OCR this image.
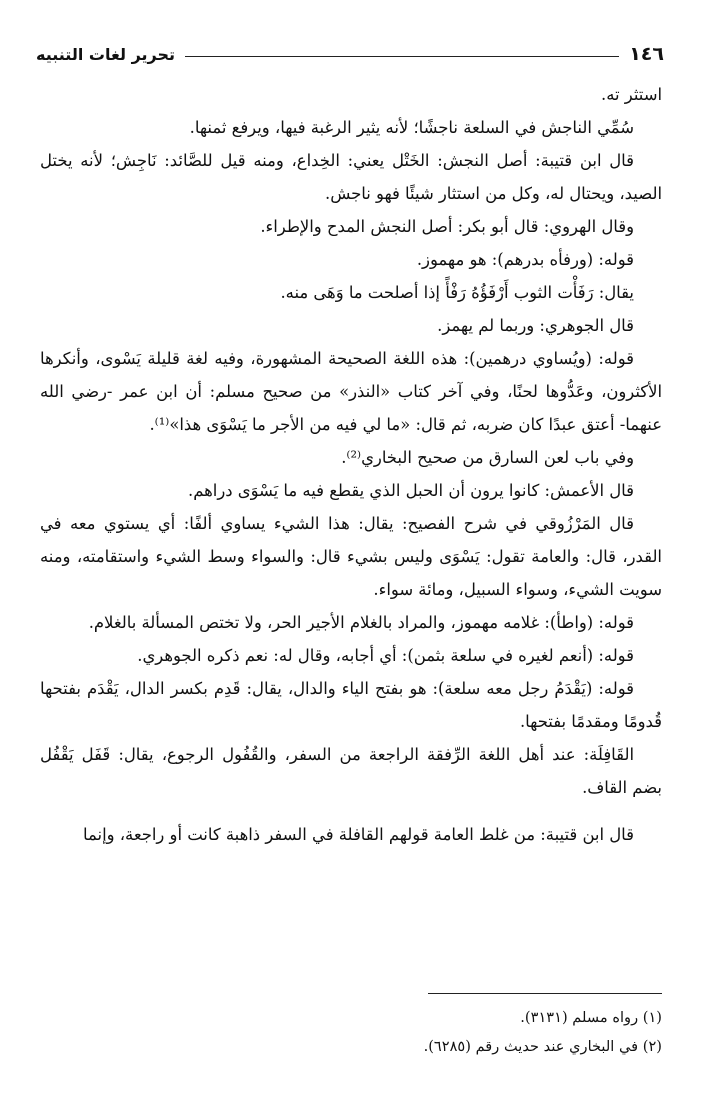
١٤٦
تحرير لغات التنبيه

استثر ته.

سُمِّي الناجش في السلعة ناجشًا؛ لأنه يثير الرغبة فيها، ويرفع ثمنها.

قال ابن قتيبة: أصل النجش: الخَتْل يعني: الخِداع، ومنه قيل للصَّائد: نَاجِش؛ لأنه يختل الصيد، ويحتال له، وكل من استثار شيئًا فهو ناجش.

وقال الهروي: قال أبو بكر: أصل النجش المدح والإطراء.

قوله: (ورفأه بدرهم): هو مهموز.

يقال: رَفَأْت الثوب أَرْفَؤُهُ رَفْأً إذا أصلحت ما وَهَى منه.

قال الجوهري: وربما لم يهمز.

قوله: (ويُساوي درهمين): هذه اللغة الصحيحة المشهورة، وفيه لغة قليلة يَسْوى، وأنكرها الأكثرون، وعَدُّوها لحنًا، وفي آخر كتاب «النذر» من صحيح مسلم: أن ابن عمر -رضي الله عنهما- أعتق عبدًا كان ضربه، ثم قال: «ما لي فيه من الأجر ما يَسْوَى هذا»⁽¹⁾.

وفي باب لعن السارق من صحيح البخاري⁽²⁾.

قال الأعمش: كانوا يرون أن الحبل الذي يقطع فيه ما يَسْوَى دراهم.

قال المَرْزُوقي في شرح الفصيح: يقال: هذا الشيء يساوي ألفًا: أي يستوي معه في القدر، قال: والعامة تقول: يَسْوَى وليس بشيء قال: والسواء وسط الشيء واستقامته، ومنه سويت الشيء، وسواء السبيل، ومائة سواء.

قوله: (واطأ): غلامه مهموز، والمراد بالغلام الأجير الحر، ولا تختص المسألة بالغلام.

قوله: (أنعم لغيره في سلعة بثمن): أي أجابه، وقال له: نعم ذكره الجوهري.

قوله: (يَقْدَمُ رجل معه سلعة): هو بفتح الياء والدال، يقال: قَدِم بكسر الدال، يَقْدَم بفتحها قُدومًا ومقدمًا بفتحها.

القَافِلَة: عند أهل اللغة الرِّفقة الراجعة من السفر، والقُفُول الرجوع، يقال: قَفَل يَقْفُل بضم القاف.

قال ابن قتيبة: من غلط العامة قولهم القافلة في السفر ذاهبة كانت أو راجعة، وإنما

(١) رواه مسلم (٣١٣١).

(٢) في البخاري عند حديث رقم (٦٢٨٥).
